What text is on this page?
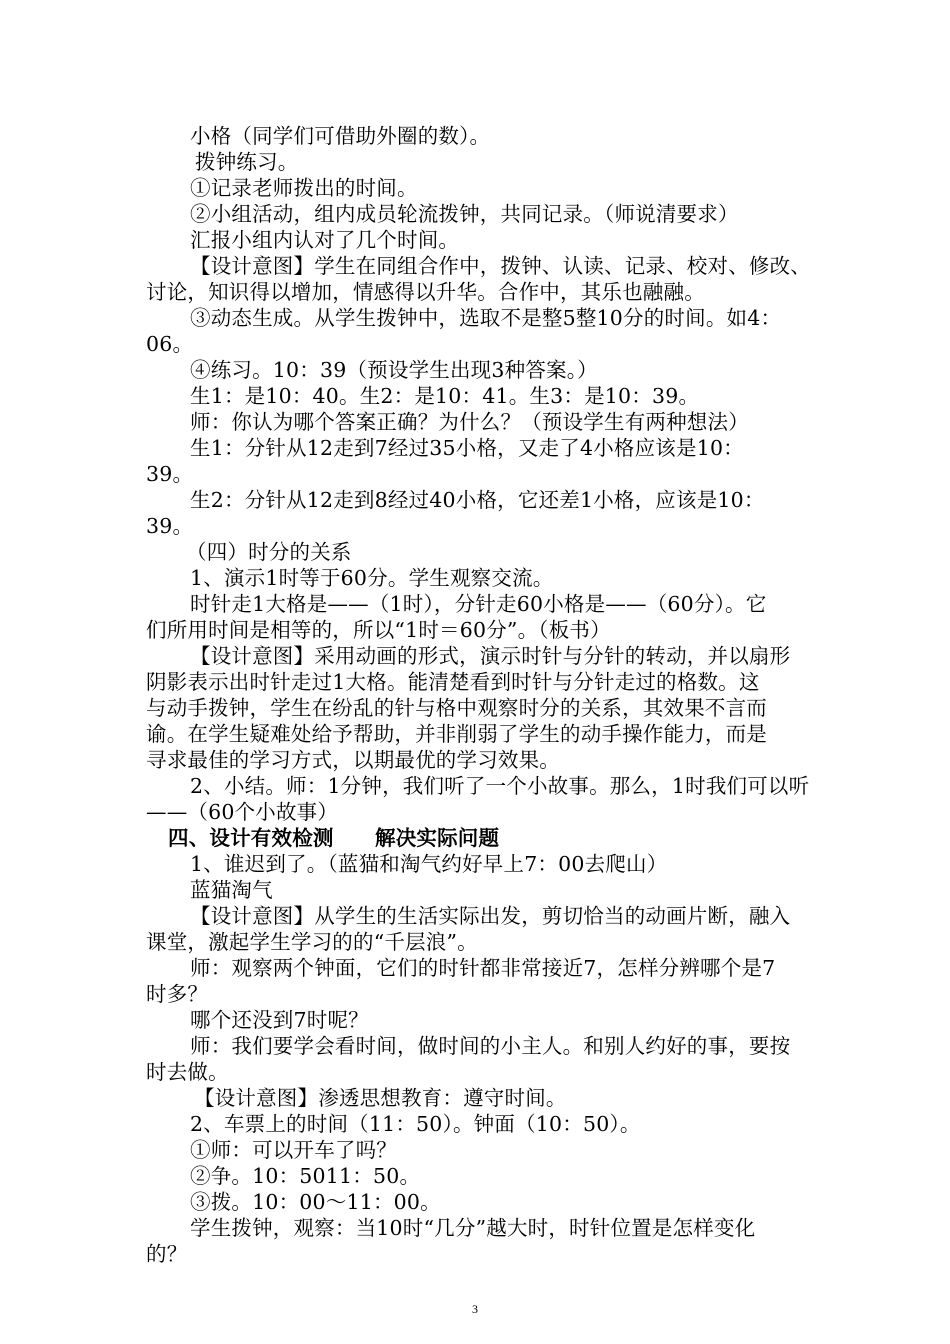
小格（同学们可借助外圈的数）。
拨钟练习。
①记录老师拨出的时间。
②小组活动，组内成员轮流拨钟，共同记录。（师说清要求）
汇报小组内认对了几个时间。
【设计意图】学生在同组合作中，拨钟、认读、记录、校对、修改、
讨论，知识得以增加，情感得以升华。合作中，其乐也融融。
③动态生成。从学生拨钟中，选取不是整5整10分的时间。如4：
06。
④练习。10：39（预设学生出现3种答案。）
生1：是10：40。生2：是10：41。生3：是10：39。
师：你认为哪个答案正确？为什么？（预设学生有两种想法）
生1：分针从12走到7经过35小格，又走了4小格应该是10：
39。
生2：分针从12走到8经过40小格，它还差1小格，应该是10：
39。
（四）时分的关系
1、演示1时等于60分。学生观察交流。
时针走1大格是——（1时），分针走60小格是——（60分）。它
们所用时间是相等的，所以“1时＝60分”。（板书）
【设计意图】采用动画的形式，演示时针与分针的转动，并以扇形
阴影表示出时针走过1大格。能清楚看到时针与分针走过的格数。这
与动手拨钟，学生在纷乱的针与格中观察时分的关系，其效果不言而
谕。在学生疑难处给予帮助，并非削弱了学生的动手操作能力，而是
寻求最佳的学习方式，以期最优的学习效果。
2、小结。师：1分钟，我们听了一个小故事。那么，1时我们可以听
——（60个小故事）
四、设计有效检测　　解决实际问题
1、谁迟到了。（蓝猫和淘气约好早上7：00去爬山）
蓝猫淘气
【设计意图】从学生的生活实际出发，剪切恰当的动画片断，融入
课堂，激起学生学习的的“千层浪”。
师：观察两个钟面，它们的时针都非常接近7，怎样分辨哪个是7
时多？
哪个还没到7时呢？
师：我们要学会看时间，做时间的小主人。和别人约好的事，要按
时去做。
【设计意图】渗透思想教育：遵守时间。
2、车票上的时间（11：50）。钟面（10：50）。
①师：可以开车了吗？
②争。10：5011：50。
③拨。10：00～11：00。
学生拨钟，观察：当10时“几分”越大时，时针位置是怎样变化
的？
3
